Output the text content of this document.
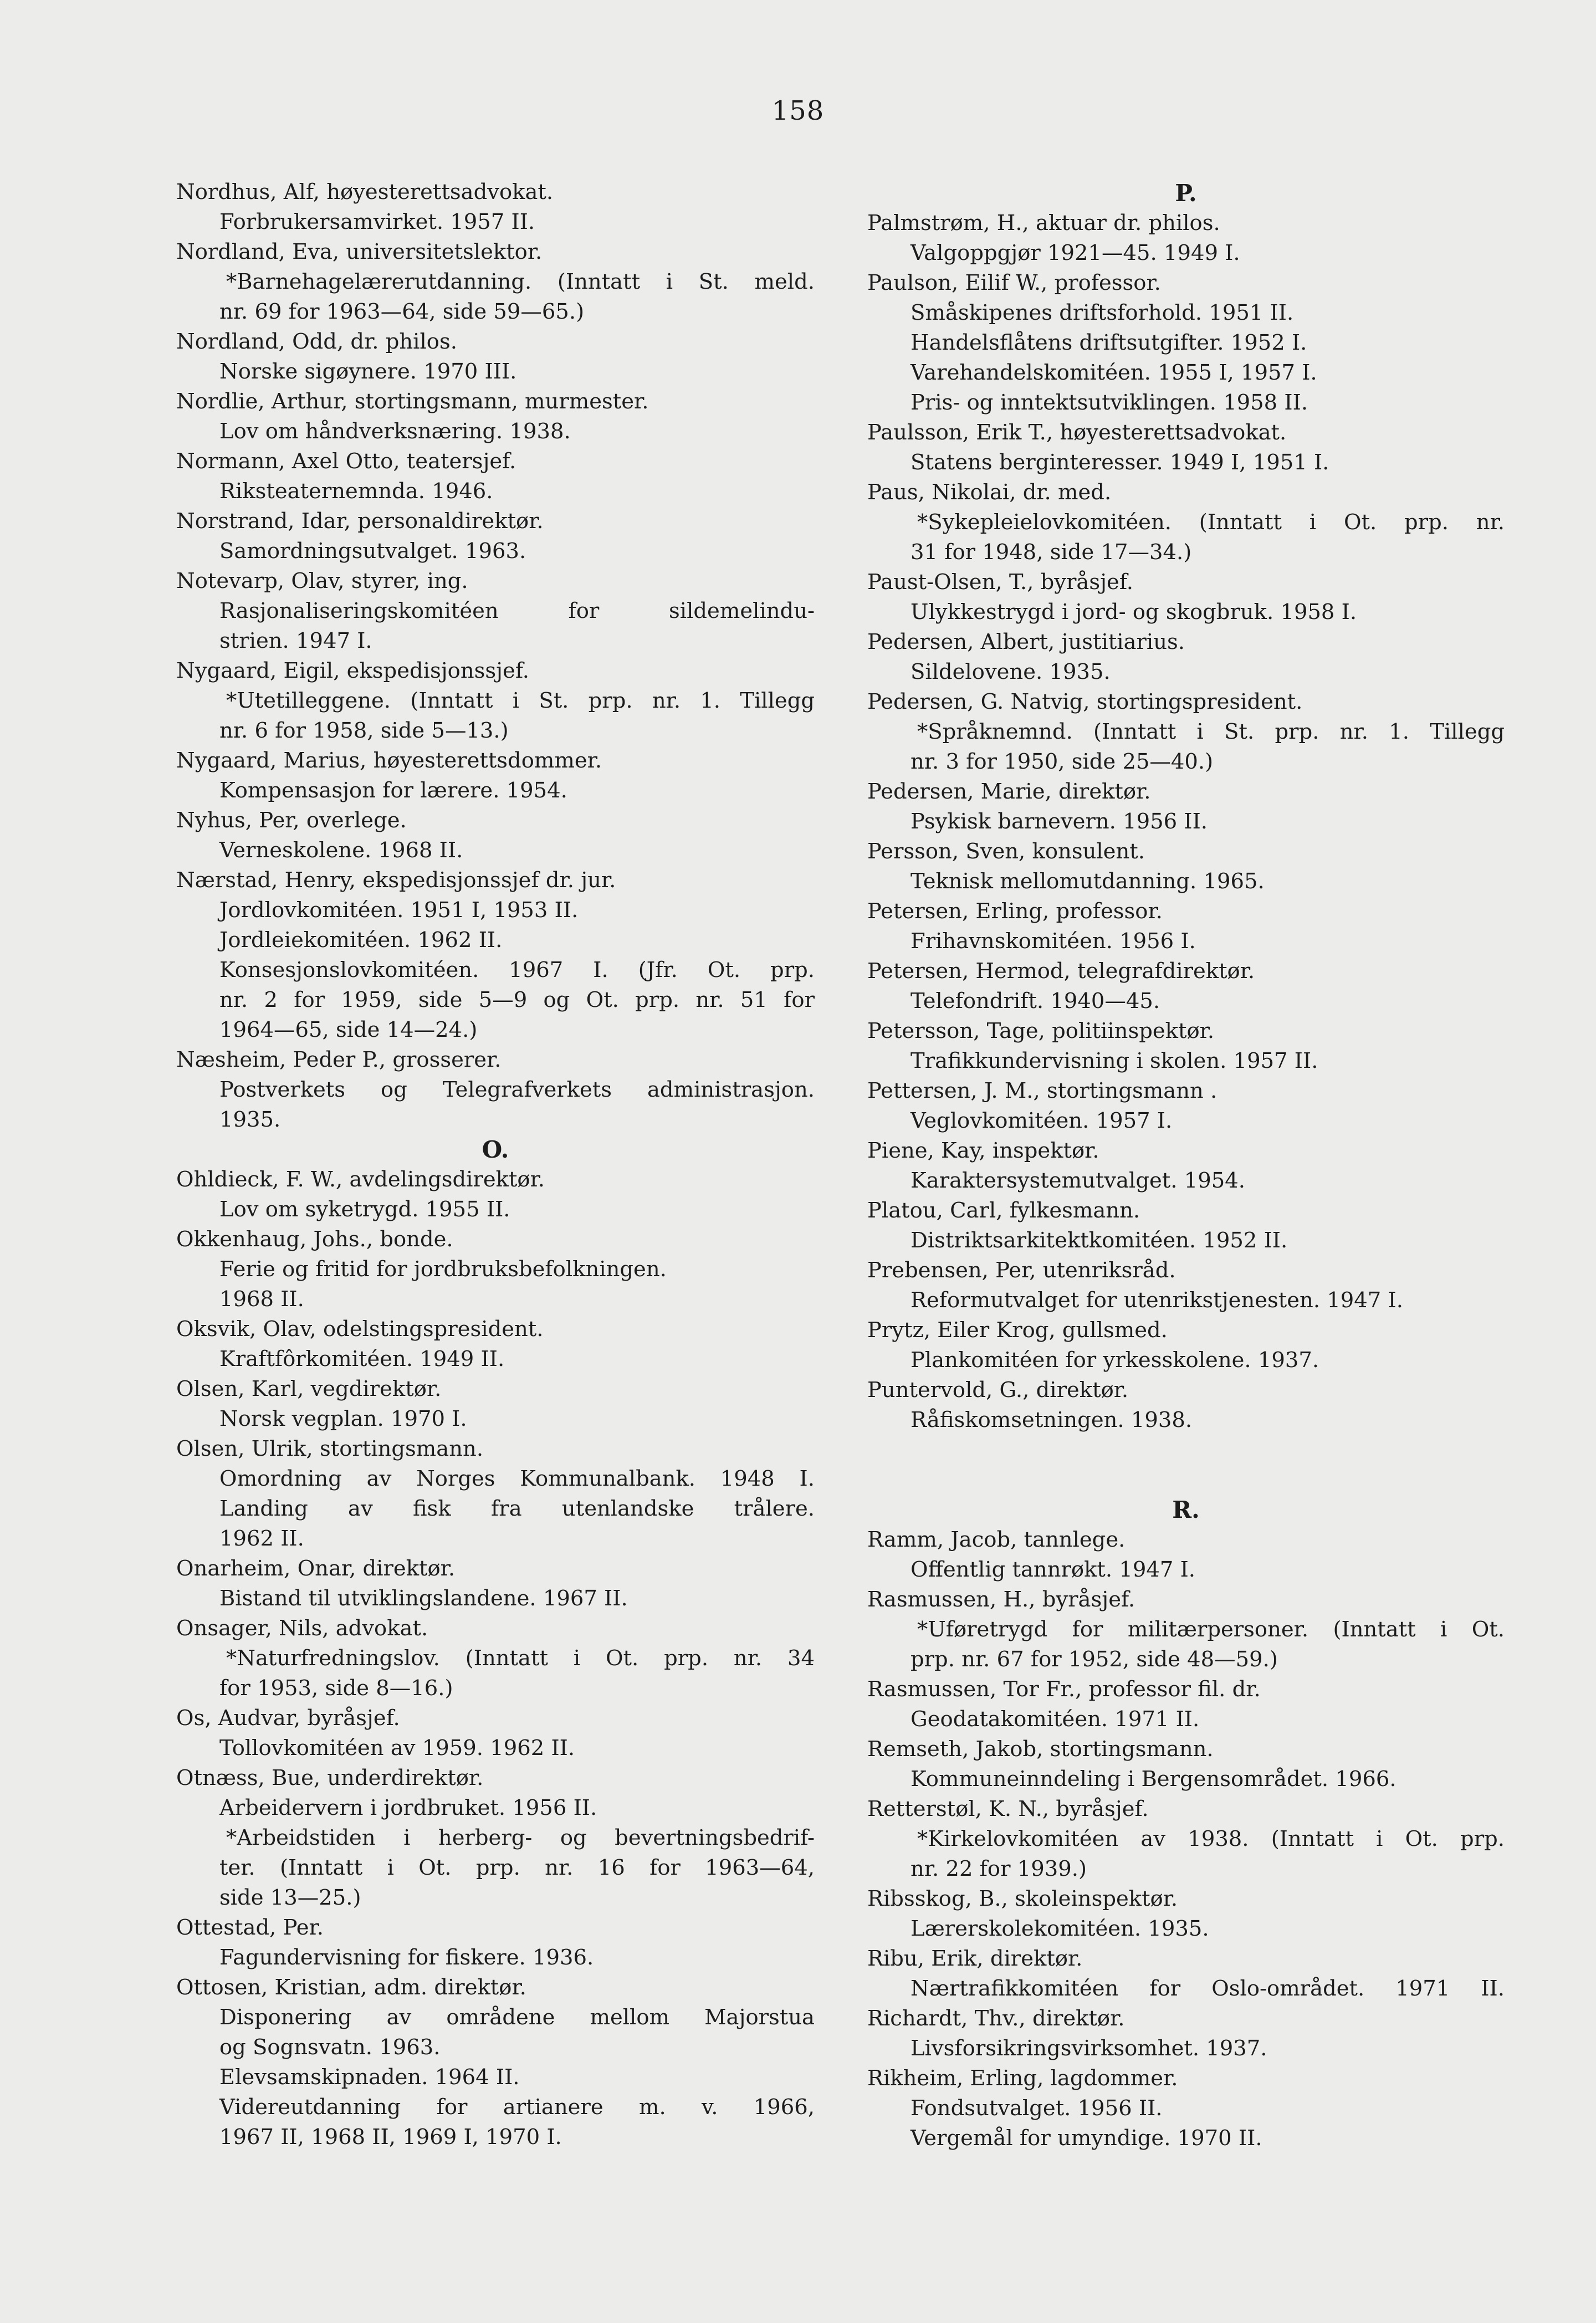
158
Nordhus, Alf, høyesterettsadvokat.
Forbrukersamvirket. 1957 II.
Nordland, Eva, universitetslektor.
*Barnehagelærerutdanning. (Inntatt i St. meld.
nr. 69 for 1963—64, side 59—65.)
Nordland, Odd, dr. philos.
Norske sigøynere. 1970 III.
Nordlie, Arthur, stortingsmann, murmester.
Lov om håndverksnæring. 1938.
Normann, Axel Otto, teatersjef.
Riksteaternemnda. 1946.
Norstrand, Idar, personaldirektør.
Samordningsutvalget. 1963.
Notevarp, Olav, styrer, ing.
Rasjonaliseringskomitéen for sildemelindu-
strien. 1947 I.
Nygaard, Eigil, ekspedisjonssjef.
*Utetilleggene. (Inntatt i St. prp. nr. 1. Tillegg
nr. 6 for 1958, side 5—13.)
Nygaard, Marius, høyesterettsdommer.
Kompensasjon for lærere. 1954.
Nyhus, Per, overlege.
Verneskolene. 1968 II.
Nærstad, Henry, ekspedisjonssjef dr. jur.
Jordlovkomitéen. 1951 I, 1953 II.
Jordleiekomitéen. 1962 II.
Konsesjonslovkomitéen. 1967 I. (Jfr. Ot. prp.
nr. 2 for 1959, side 5—9 og Ot. prp. nr. 51 for
1964—65, side 14—24.)
Næsheim, Peder P., grosserer.
Postverkets og Telegrafverkets administrasjon.
1935.
O.
Ohldieck, F. W., avdelingsdirektør.
Lov om syketrygd. 1955 II.
Okkenhaug, Johs., bonde.
Ferie og fritid for jordbruksbefolkningen.
1968 II.
Oksvik, Olav, odelstingspresident.
Kraftfôrkomitéen. 1949 II.
Olsen, Karl, vegdirektør.
Norsk vegplan. 1970 I.
Olsen, Ulrik, stortingsmann.
Omordning av Norges Kommunalbank. 1948 I.
Landing av fisk fra utenlandske trålere.
1962 II.
Onarheim, Onar, direktør.
Bistand til utviklingslandene. 1967 II.
Onsager, Nils, advokat.
*Naturfredningslov. (Inntatt i Ot. prp. nr. 34
for 1953, side 8—16.)
Os, Audvar, byråsjef.
Tollovkomitéen av 1959. 1962 II.
Otnæss, Bue, underdirektør.
Arbeidervern i jordbruket. 1956 II.
*Arbeidstiden i herberg- og bevertningsbedrif-
ter. (Inntatt i Ot. prp. nr. 16 for 1963—64,
side 13—25.)
Ottestad, Per.
Fagundervisning for fiskere. 1936.
Ottosen, Kristian, adm. direktør.
Disponering av områdene mellom Majorstua
og Sognsvatn. 1963.
Elevsamskipnaden. 1964 II.
Videreutdanning for artianere m. v. 1966,
1967 II, 1968 II, 1969 I, 1970 I.
P.
Palmstrøm, H., aktuar dr. philos.
Valgoppgjør 1921—45. 1949 I.
Paulson, Eilif W., professor.
Småskipenes driftsforhold. 1951 II.
Handelsflåtens driftsutgifter. 1952 I.
Varehandelskomitéen. 1955 I, 1957 I.
Pris- og inntektsutviklingen. 1958 II.
Paulsson, Erik T., høyesterettsadvokat.
Statens berginteresser. 1949 I, 1951 I.
Paus, Nikolai, dr. med.
*Sykepleielovkomitéen. (Inntatt i Ot. prp. nr.
31 for 1948, side 17—34.)
Paust-Olsen, T., byråsjef.
Ulykkestrygd i jord- og skogbruk. 1958 I.
Pedersen, Albert, justitiarius.
Sildelovene. 1935.
Pedersen, G. Natvig, stortingspresident.
*Språknemnd. (Inntatt i St. prp. nr. 1. Tillegg
nr. 3 for 1950, side 25—40.)
Pedersen, Marie, direktør.
Psykisk barnevern. 1956 II.
Persson, Sven, konsulent.
Teknisk mellomutdanning. 1965.
Petersen, Erling, professor.
Frihavnskomitéen. 1956 I.
Petersen, Hermod, telegrafdirektør.
Telefondrift. 1940—45.
Petersson, Tage, politiinspektør.
Trafikkundervisning i skolen. 1957 II.
Pettersen, J. M., stortingsmann .
Veglovkomitéen. 1957 I.
Piene, Kay, inspektør.
Karaktersystemutvalget. 1954.
Platou, Carl, fylkesmann.
Distriktsarkitektkomitéen. 1952 II.
Prebensen, Per, utenriksråd.
Reformutvalget for utenrikstjenesten. 1947 I.
Prytz, Eiler Krog, gullsmed.
Plankomitéen for yrkesskolene. 1937.
Puntervold, G., direktør.
Råfiskomsetningen. 1938.
R.
Ramm, Jacob, tannlege.
Offentlig tannrøkt. 1947 I.
Rasmussen, H., byråsjef.
*Uføretrygd for militærpersoner. (Inntatt i Ot.
prp. nr. 67 for 1952, side 48—59.)
Rasmussen, Tor Fr., professor fil. dr.
Geodatakomitéen. 1971 II.
Remseth, Jakob, stortingsmann.
Kommuneinndeling i Bergensområdet. 1966.
Retterstøl, K. N., byråsjef.
*Kirkelovkomitéen av 1938. (Inntatt i Ot. prp.
nr. 22 for 1939.)
Ribsskog, B., skoleinspektør.
Lærerskolekomitéen. 1935.
Ribu, Erik, direktør.
Nærtrafikkomitéen for Oslo-området. 1971 II.
Richardt, Thv., direktør.
Livsforsikringsvirksomhet. 1937.
Rikheim, Erling, lagdommer.
Fondsutvalget. 1956 II.
Vergemål for umyndige. 1970 II.
